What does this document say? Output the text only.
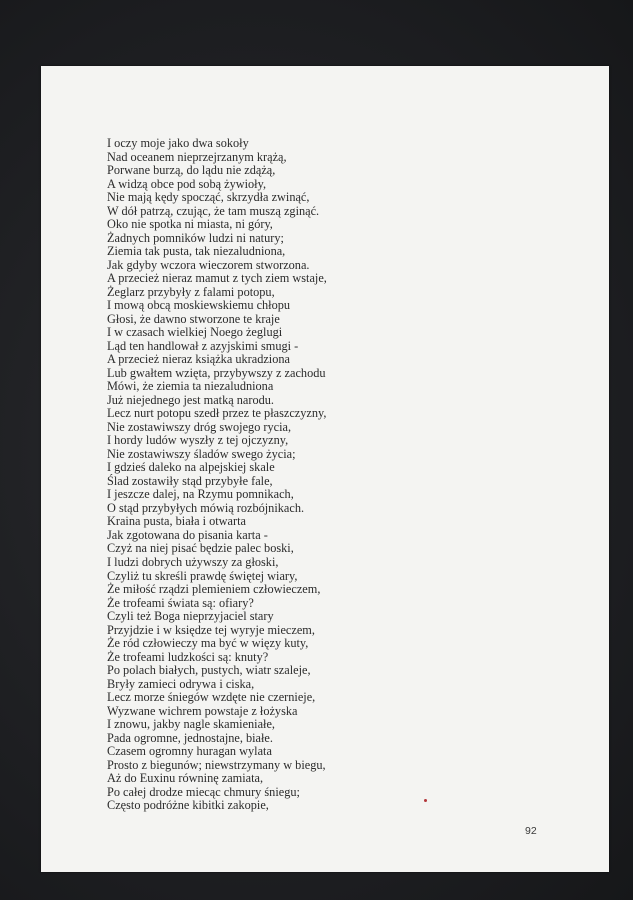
I oczy moje jako dwa sokoły
Nad oceanem nieprzejrzanym krążą,
Porwane burzą, do lądu nie zdążą,
A widzą obce pod sobą żywioły,
Nie mają kędy spocząć, skrzydła zwinąć,
W dół patrzą, czując, że tam muszą zginąć.
Oko nie spotka ni miasta, ni góry,
Żadnych pomników ludzi ni natury;
Ziemia tak pusta, tak niezaludniona,
Jak gdyby wczora wieczorem stworzona.
A przecież nieraz mamut z tych ziem wstaje,
Żeglarz przybyły z falami potopu,
I mową obcą moskiewskiemu chłopu
Głosi, że dawno stworzone te kraje
I w czasach wielkiej Noego żeglugi
Ląd ten handlował z azyjskimi smugi -
A przecież nieraz książka ukradziona
Lub gwałtem wzięta, przybywszy z zachodu
Mówi, że ziemia ta niezaludniona
Już niejednego jest matką narodu.
Lecz nurt potopu szedł przez te płaszczyzny,
Nie zostawiwszy dróg swojego rycia,
I hordy ludów wyszły z tej ojczyzny,
Nie zostawiwszy śladów swego życia;
I gdzieś daleko na alpejskiej skale
Ślad zostawiły stąd przybyłe fale,
I jeszcze dalej, na Rzymu pomnikach,
O stąd przybyłych mówią rozbójnikach.
Kraina pusta, biała i otwarta
Jak zgotowana do pisania karta -
Czyż na niej pisać będzie palec boski,
I ludzi dobrych używszy za głoski,
Czyliż tu skreśli prawdę świętej wiary,
Że miłość rządzi plemieniem człowieczem,
Że trofeami świata są: ofiary?
Czyli też Boga nieprzyjaciel stary
Przyjdzie i w księdze tej wyryje mieczem,
Że ród człowieczy ma być w więzy kuty,
Że trofeami ludzkości są: knuty?
Po polach białych, pustych, wiatr szaleje,
Bryły zamieci odrywa i ciska,
Lecz morze śniegów wzdęte nie czernieje,
Wyzwane wichrem powstaje z łożyska
I znowu, jakby nagle skamieniałe,
Pada ogromne, jednostajne, białe.
Czasem ogromny huragan wylata
Prosto z biegunów; niewstrzymany w biegu,
Aż do Euxinu równinę zamiata,
Po całej drodze miecąc chmury śniegu;
Często podróżne kibitki zakopie,
92
